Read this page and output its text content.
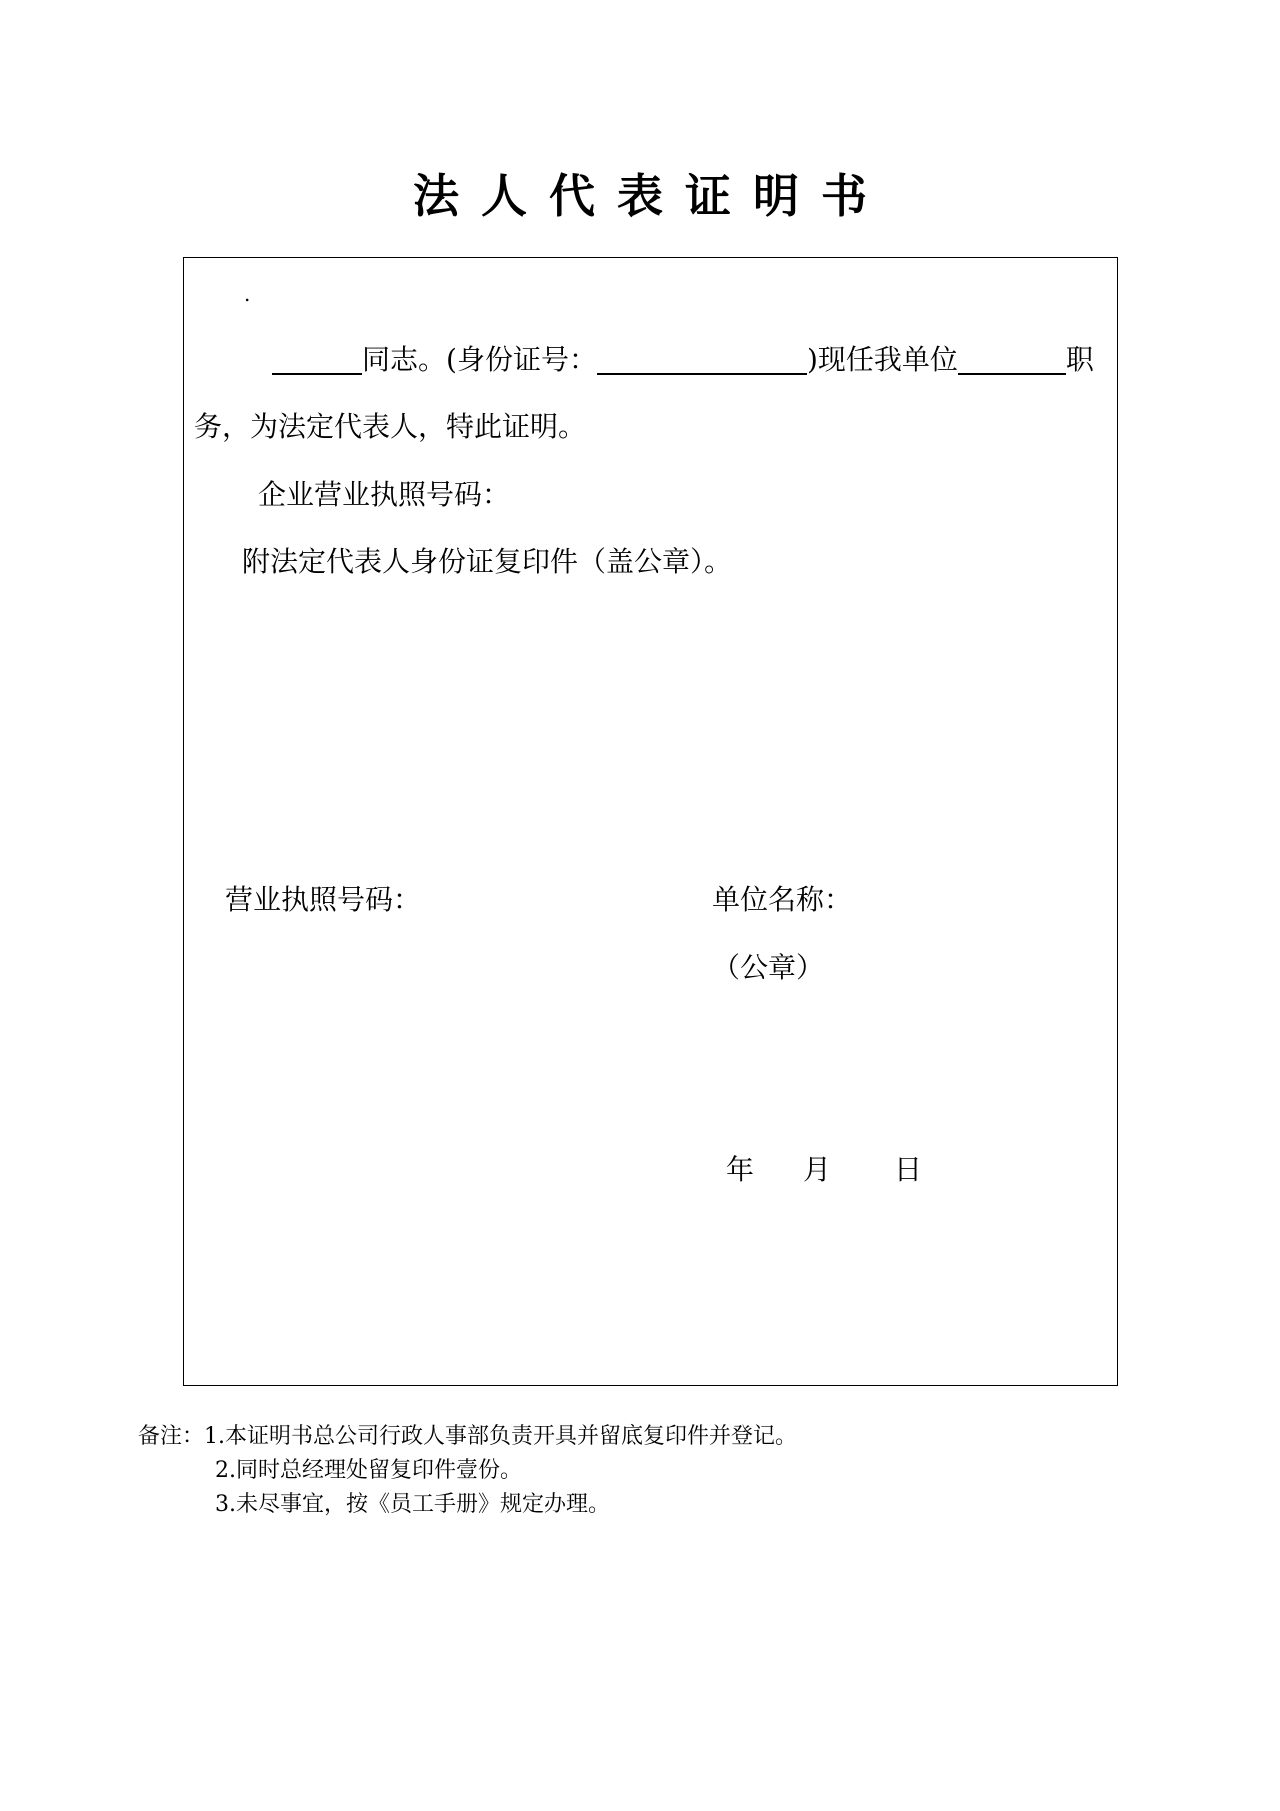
法人代表证明书
.
同志。(身份证号：	)现任我单位	职
务，为法定代表人，特此证明。
企业营业执照号码：
附法定代表人身份证复印件（盖公章）。
营业执照号码：	单位名称：
（公章）
年 月 日
备注：1.本证明书总公司行政人事部负责开具并留底复印件并登记。
2.同时总经理处留复印件壹份。
3.未尽事宜，按《员工手册》规定办理。
